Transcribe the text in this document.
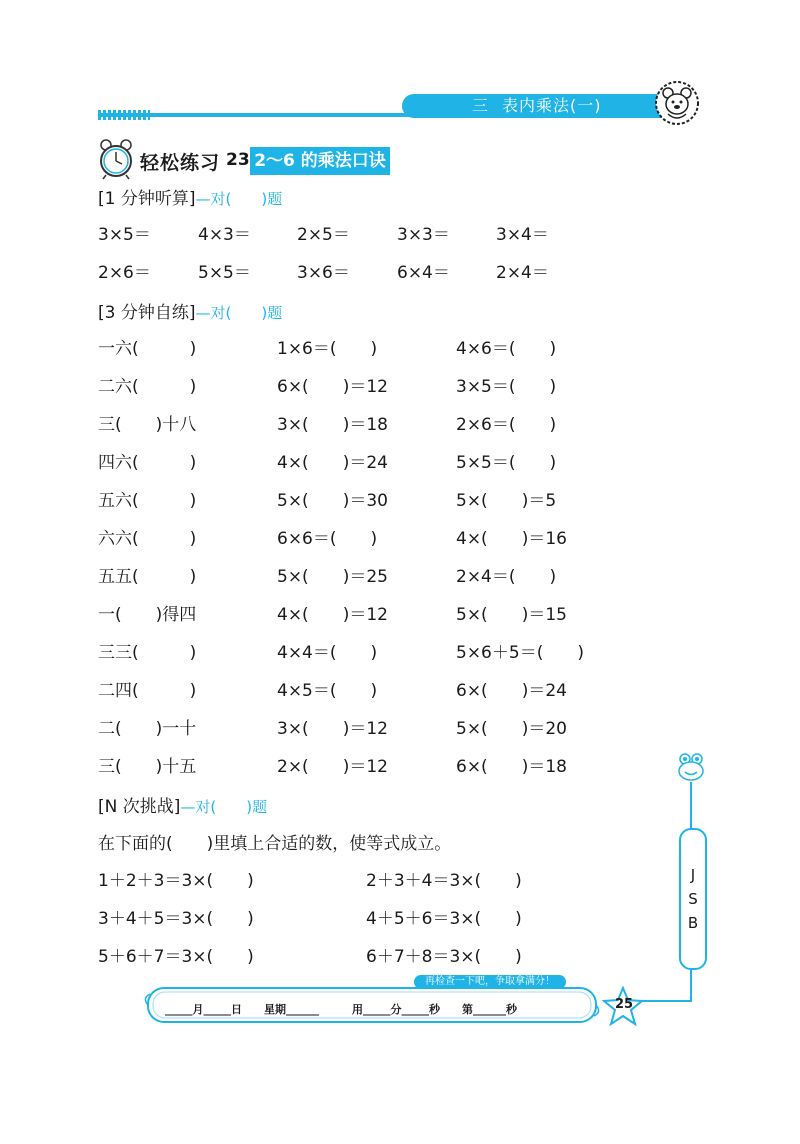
三 表内乘法(一)
轻松练习 23 2～6 的乘法口诀
[1 分钟听算]—对(　　)题
3×5＝	4×3＝	2×5＝	3×3＝	3×4＝
2×6＝	5×5＝	3×6＝	6×4＝	2×4＝
[3 分钟自练]—对(　　)题
一六(　　　)	1×6＝(　　)	4×6＝(　　)
二六(　　　)	6×(　　)＝12	3×5＝(　　)
三(　　)十八	3×(　　)＝18	2×6＝(　　)
四六(　　　)	4×(　　)＝24	5×5＝(　　)
五六(　　　)	5×(　　)＝30	5×(　　)＝5
六六(　　　)	6×6＝(　　)	4×(　　)＝16
五五(　　　)	5×(　　)＝25	2×4＝(　　)
一(　　)得四	4×(　　)＝12	5×(　　)＝15
三三(　　　)	4×4＝(　　)	5×6＋5＝(　　)
二四(　　　)	4×5＝(　　)	6×(　　)＝24
二(　　)一十	3×(　　)＝12	5×(　　)＝20
三(　　)十五	2×(　　)＝12	6×(　　)＝18
[N 次挑战]—对(　　)题
在下面的(　　)里填上合适的数，使等式成立。
1＋2＋3＝3×(　　)	2＋3＋4＝3×(　　)
3＋4＋5＝3×(　　)	4＋5＋6＝3×(　　)
5＋6＋7＝3×(　　)	6＋7＋8＝3×(　　)
J
S
B
再检查一下吧，争取拿满分！
_____月_____日　　星期______　　　用_____分_____秒　　第______秒	25
